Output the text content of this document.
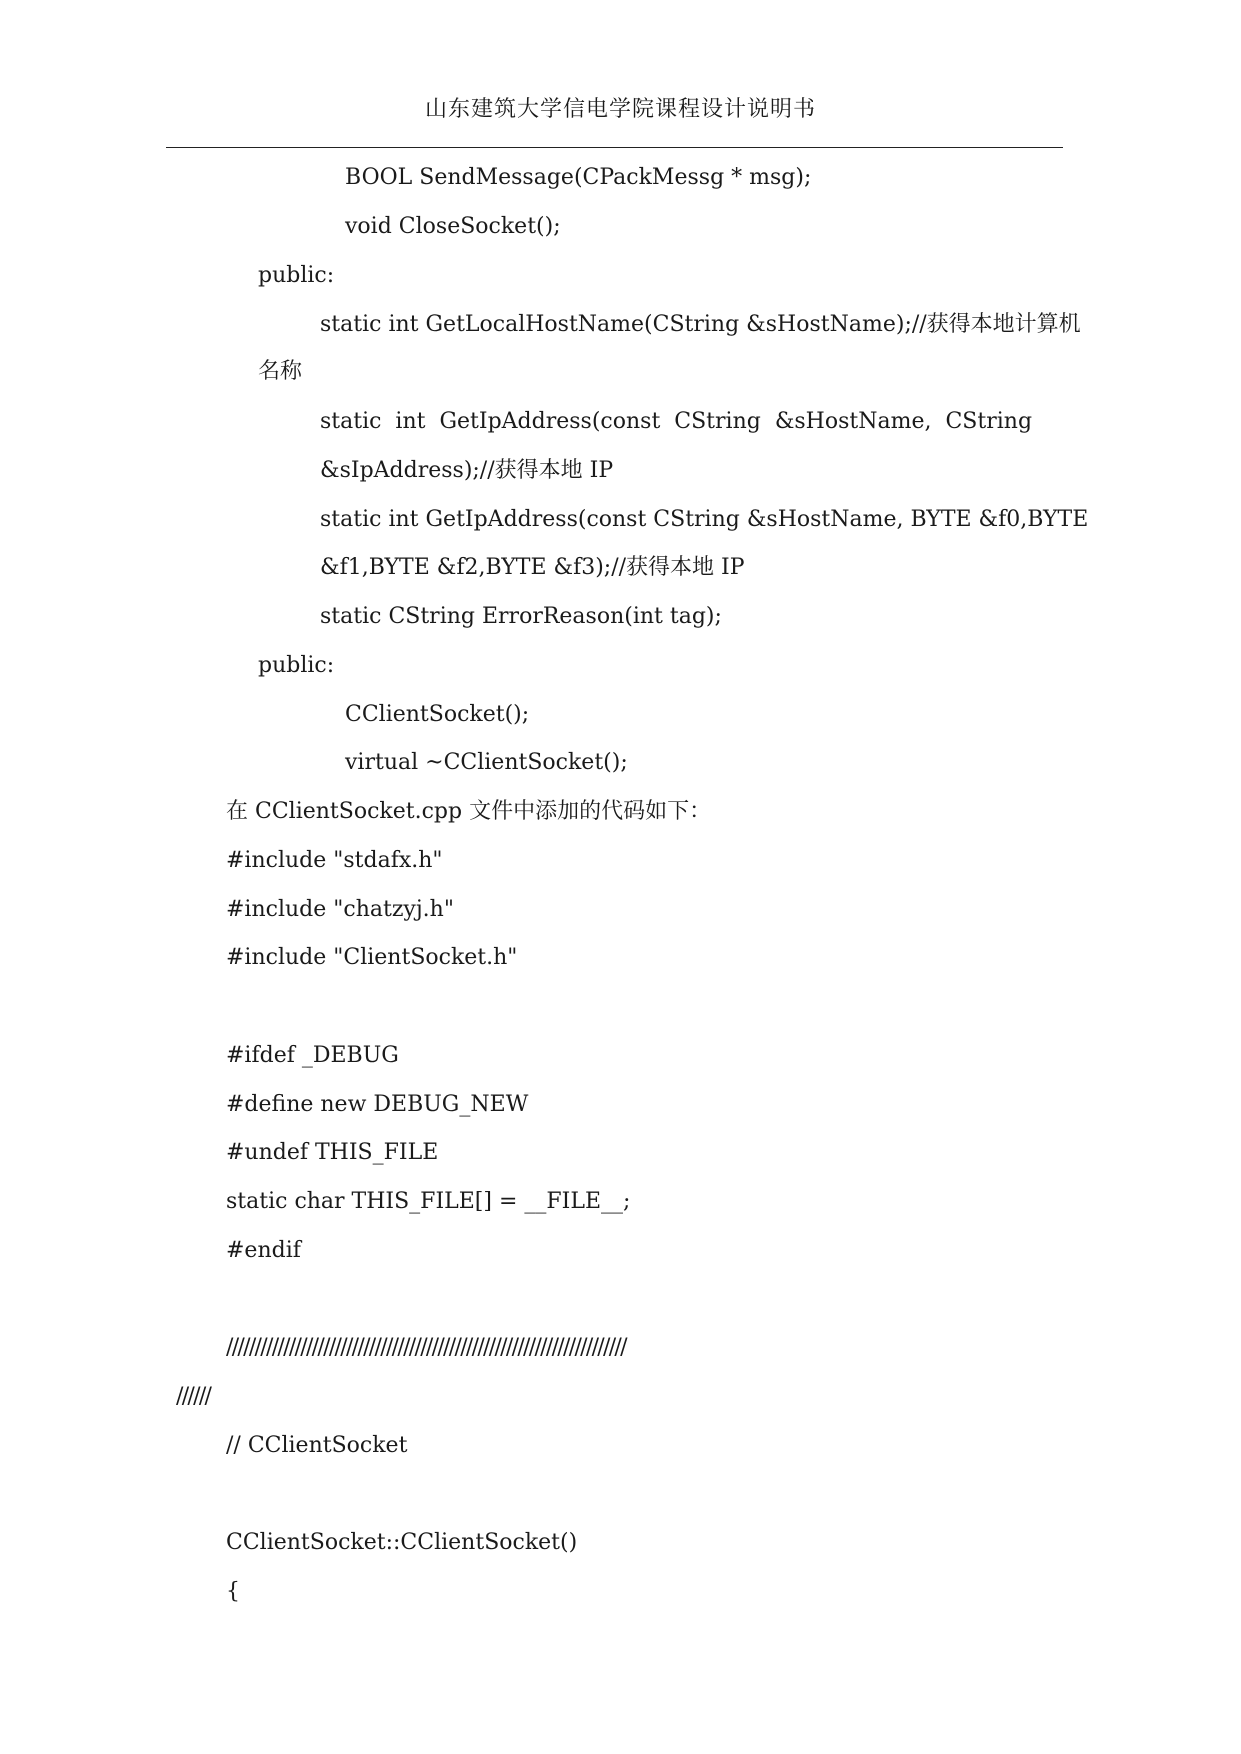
山东建筑大学信电学院课程设计说明书
BOOL SendMessage(CPackMessg * msg);
void CloseSocket();
public:
static int GetLocalHostName(CString &sHostName);//获得本地计算机
名称
static  int  GetIpAddress(const  CString  &sHostName,  CString
&sIpAddress);//获得本地 IP
static int GetIpAddress(const CString &sHostName, BYTE &f0,BYTE
&f1,BYTE &f2,BYTE &f3);//获得本地 IP
static CString ErrorReason(int tag);
public:
CClientSocket();
virtual ~CClientSocket();
在 CClientSocket.cpp 文件中添加的代码如下：
#include "stdafx.h"
#include "chatzyj.h"
#include "ClientSocket.h"
#ifdef _DEBUG
#define new DEBUG_NEW
#undef THIS_FILE
static char THIS_FILE[] = __FILE__;
#endif
//////////////////////////////////////////////////////////////////////
//////
// CClientSocket
CClientSocket::CClientSocket()
{
